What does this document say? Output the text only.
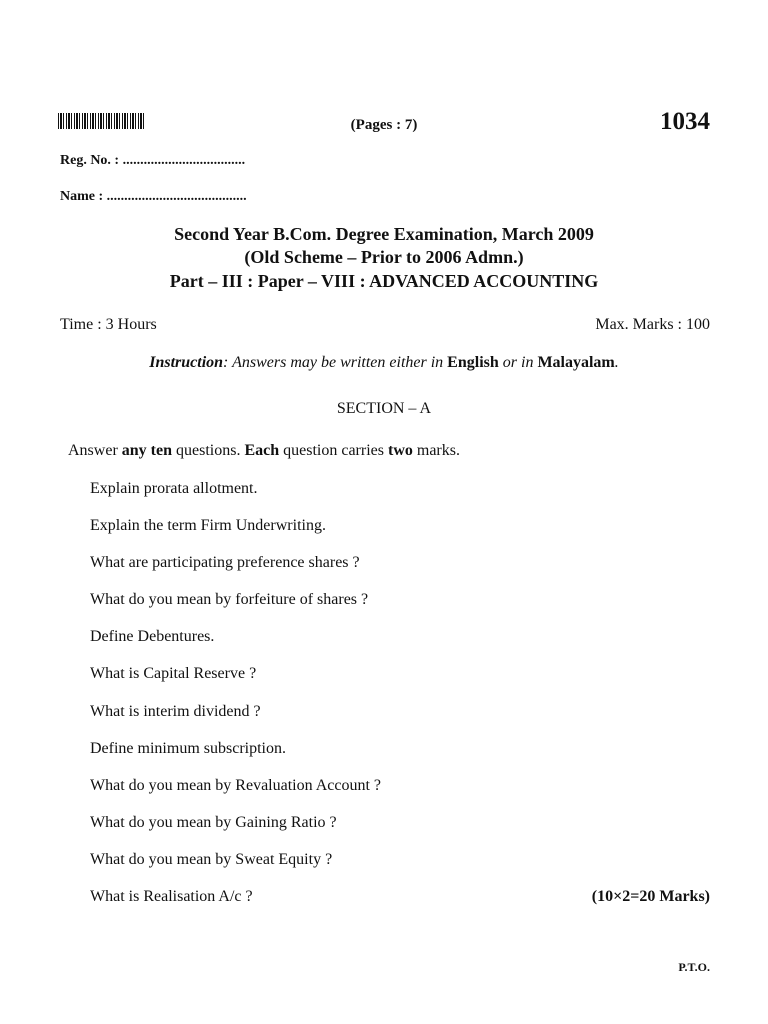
(Pages : 7)	1034
Reg. No. : ...................................
Name : ........................................
Second Year B.Com. Degree Examination, March 2009
(Old Scheme – Prior to 2006 Admn.)
Part – III : Paper – VIII : ADVANCED ACCOUNTING
Time : 3 Hours	Max. Marks : 100
Instruction: Answers may be written either in English or in Malayalam.
SECTION – A
Answer any ten questions. Each question carries two marks.
Explain prorata allotment.
Explain the term Firm Underwriting.
What are participating preference shares ?
What do you mean by forfeiture of shares ?
Define Debentures.
What is Capital Reserve ?
What is interim dividend ?
Define minimum subscription.
What do you mean by Revaluation Account ?
What do you mean by Gaining Ratio ?
What do you mean by Sweat Equity ?
What is Realisation A/c ?	(10×2=20 Marks)
P.T.O.
